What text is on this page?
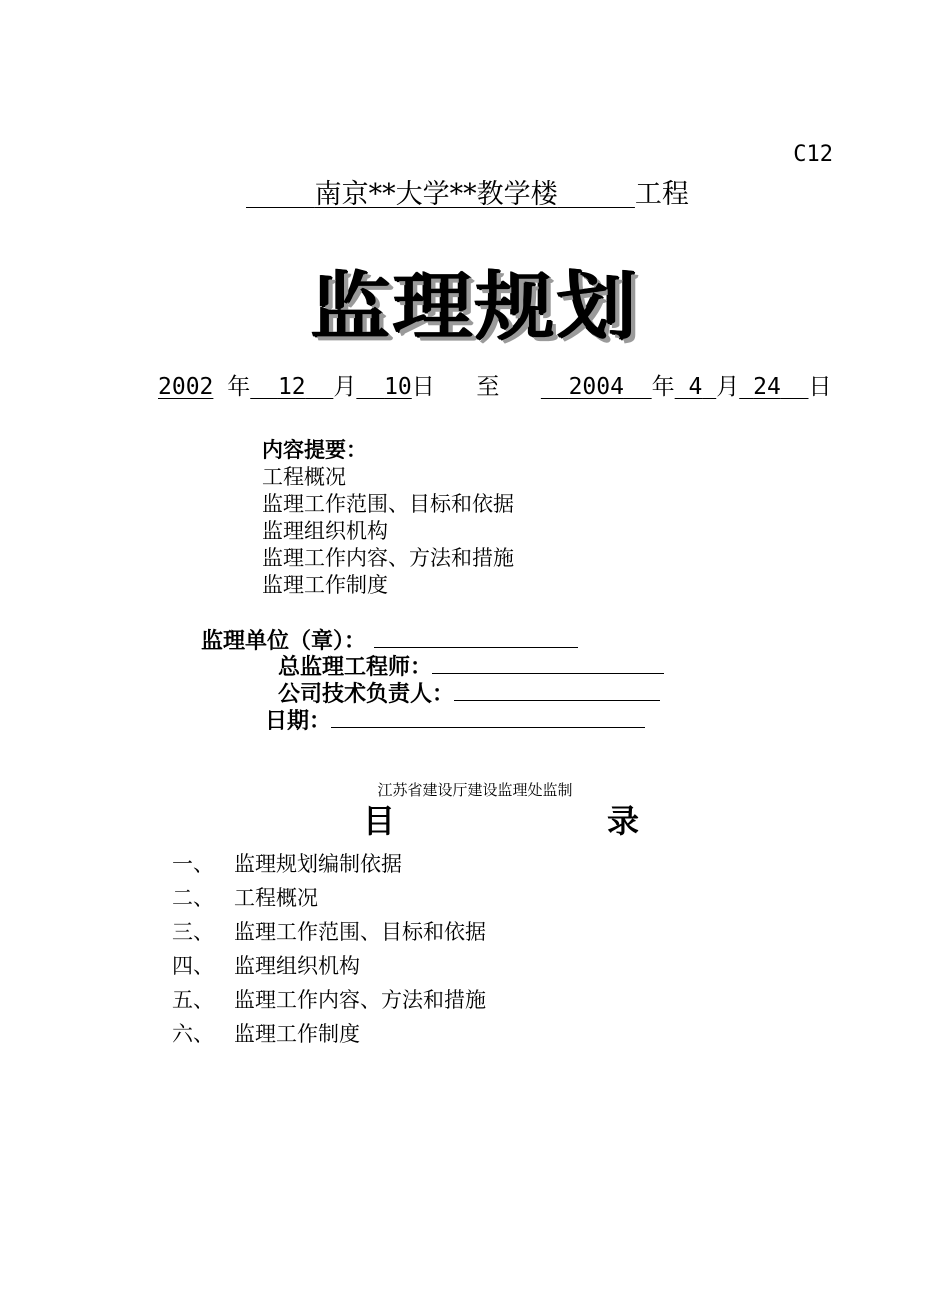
C12
南京**大学**教学楼	工程
监理规划
2002 年 12 月 10日 至	2004 年 4 月 24 日
内容提要：
工程概况
监理工作范围、目标和依据
监理组织机构
监理工作内容、方法和措施
监理工作制度
监理单位（章）：
总监理工程师：
公司技术负责人：
日期：
江苏省建设厅建设监理处监制
目	录
一、 监理规划编制依据
二、 工程概况
三、 监理工作范围、目标和依据
四、 监理组织机构
五、 监理工作内容、方法和措施
六、 监理工作制度
